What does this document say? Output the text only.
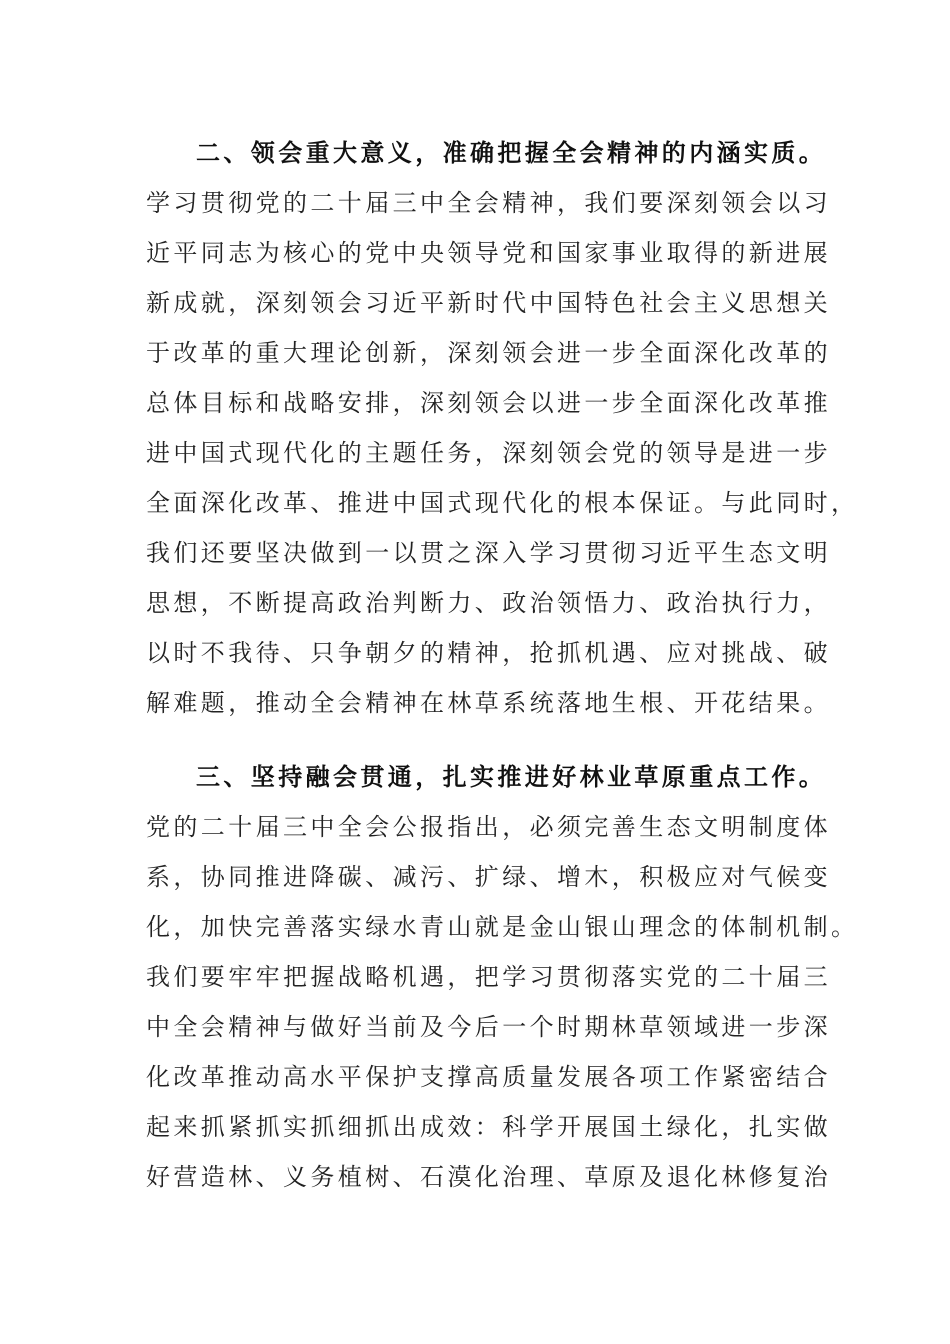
二、领会重大意义，准确把握全会精神的内涵实质。
学习贯彻党的二十届三中全会精神，我们要深刻领会以习
近平同志为核心的党中央领导党和国家事业取得的新进展
新成就，深刻领会习近平新时代中国特色社会主义思想关
于改革的重大理论创新，深刻领会进一步全面深化改革的
总体目标和战略安排，深刻领会以进一步全面深化改革推
进中国式现代化的主题任务，深刻领会党的领导是进一步
全面深化改革、推进中国式现代化的根本保证。与此同时，
我们还要坚决做到一以贯之深入学习贯彻习近平生态文明
思想，不断提高政治判断力、政治领悟力、政治执行力，
以时不我待、只争朝夕的精神，抢抓机遇、应对挑战、破
解难题，推动全会精神在林草系统落地生根、开花结果。
三、坚持融会贯通，扎实推进好林业草原重点工作。
党的二十届三中全会公报指出，必须完善生态文明制度体
系，协同推进降碳、减污、扩绿、增木，积极应对气候变
化，加快完善落实绿水青山就是金山银山理念的体制机制。
我们要牢牢把握战略机遇，把学习贯彻落实党的二十届三
中全会精神与做好当前及今后一个时期林草领域进一步深
化改革推动高水平保护支撑高质量发展各项工作紧密结合
起来抓紧抓实抓细抓出成效：科学开展国土绿化，扎实做
好营造林、义务植树、石漠化治理、草原及退化林修复治
